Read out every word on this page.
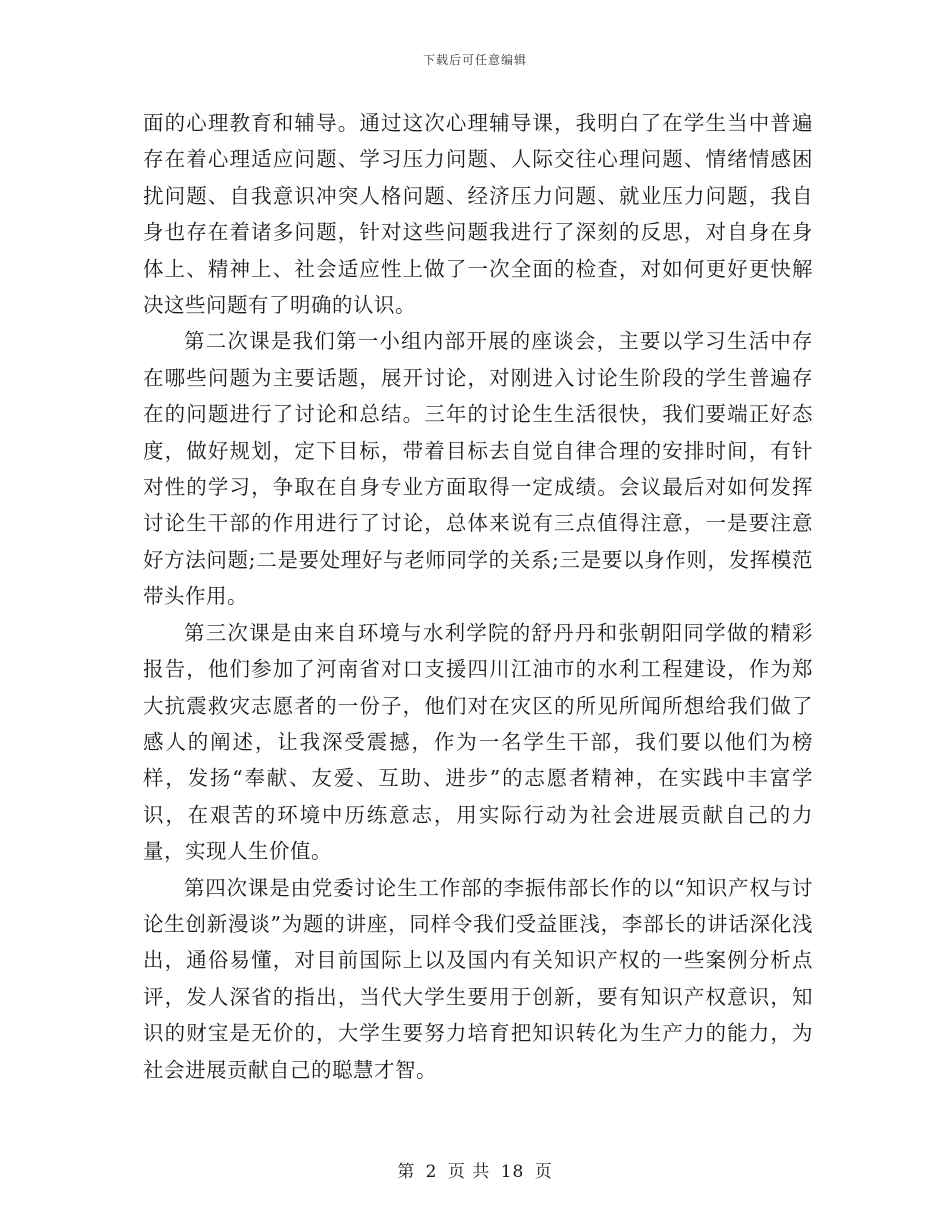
下载后可任意编辑

面的心理教育和辅导。通过这次心理辅导课，我明白了在学生当中普遍存在着心理适应问题、学习压力问题、人际交往心理问题、情绪情感困扰问题、自我意识冲突人格问题、经济压力问题、就业压力问题，我自身也存在着诸多问题，针对这些问题我进行了深刻的反思，对自身在身体上、精神上、社会适应性上做了一次全面的检查，对如何更好更快解决这些问题有了明确的认识。

第二次课是我们第一小组内部开展的座谈会，主要以学习生活中存在哪些问题为主要话题，展开讨论，对刚进入讨论生阶段的学生普遍存在的问题进行了讨论和总结。三年的讨论生生活很快，我们要端正好态度，做好规划，定下目标，带着目标去自觉自律合理的安排时间，有针对性的学习，争取在自身专业方面取得一定成绩。会议最后对如何发挥讨论生干部的作用进行了讨论，总体来说有三点值得注意，一是要注意好方法问题;二是要处理好与老师同学的关系;三是要以身作则，发挥模范带头作用。

第三次课是由来自环境与水利学院的舒丹丹和张朝阳同学做的精彩报告，他们参加了河南省对口支援四川江油市的水利工程建设，作为郑大抗震救灾志愿者的一份子，他们对在灾区的所见所闻所想给我们做了感人的阐述，让我深受震撼，作为一名学生干部，我们要以他们为榜样，发扬“奉献、友爱、互助、进步”的志愿者精神，在实践中丰富学识，在艰苦的环境中历练意志，用实际行动为社会进展贡献自己的力量，实现人生价值。

第四次课是由党委讨论生工作部的李振伟部长作的以“知识产权与讨论生创新漫谈”为题的讲座，同样令我们受益匪浅，李部长的讲话深化浅出，通俗易懂，对目前国际上以及国内有关知识产权的一些案例分析点评，发人深省的指出，当代大学生要用于创新，要有知识产权意识，知识的财宝是无价的，大学生要努力培育把知识转化为生产力的能力，为社会进展贡献自己的聪慧才智。

第 2 页 共 18 页
